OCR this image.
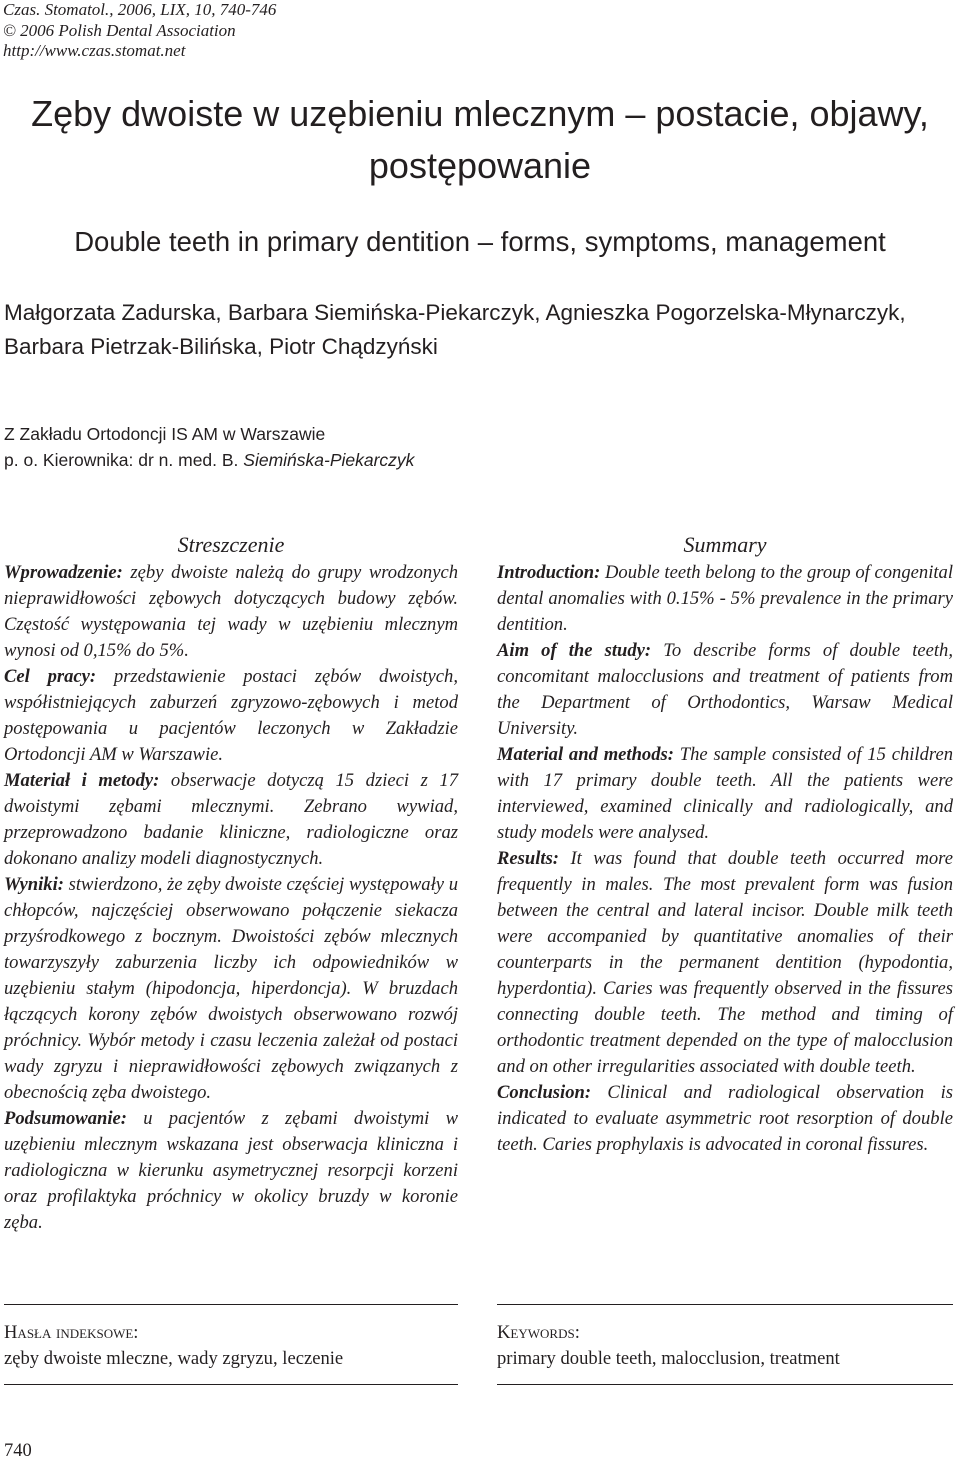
Czas. Stomatol., 2006, LIX, 10, 740-746
© 2006 Polish Dental Association
http://www.czas.stomat.net
Zęby dwoiste w uzębieniu mlecznym – postacie, objawy, postępowanie
Double teeth in primary dentition – forms, symptoms, management
Małgorzata Zadurska, Barbara Siemińska-Piekarczyk, Agnieszka Pogorzelska-Młynarczyk, Barbara Pietrzak-Bilińska, Piotr Chądzyński
Z Zakładu Ortodoncji IS AM w Warszawie
p. o. Kierownika: dr n. med. B. Siemińska-Piekarczyk
Streszczenie

Wprowadzenie: zęby dwoiste należą do grupy wrodzonych nieprawidłowości zębowych dotyczących budowy zębów. Częstość występowania tej wady w uzębieniu mlecznym wynosi od 0,15% do 5%.

Cel pracy: przedstawienie postaci zębów dwoistych, współistniejących zaburzeń zgryzowo-zębowych i metod postępowania u pacjentów leczonych w Zakładzie Ortodoncji AM w Warszawie.

Materiał i metody: obserwacje dotyczą 15 dzieci z 17 dwoistymi zębami mlecznymi. Zebrano wywiad, przeprowadzono badanie kliniczne, radiologiczne oraz dokonano analizy modeli diagnostycznych.

Wyniki: stwierdzono, że zęby dwoiste częściej występowały u chłopców, najczęściej obserwowano połączenie siekacza przyśrodkowego z bocznym. Dwoistości zębów mlecznych towarzyszyły zaburzenia liczby ich odpowiedników w uzębieniu stałym (hipodoncja, hiperdoncja). W bruzdach łączących korony zębów dwoistych obserwowano rozwój próchnicy. Wybór metody i czasu leczenia zależał od postaci wady zgryzu i nieprawidłowości zębowych związanych z obecnością zęba dwoistego.

Podsumowanie: u pacjentów z zębami dwoistymi w uzębieniu mlecznym wskazana jest obserwacja kliniczna i radiologiczna w kierunku asymetrycznej resorpcji korzeni oraz profilaktyka próchnicy w okolicy bruzdy w koronie zęba.

Summary

Introduction: Double teeth belong to the group of congenital dental anomalies with 0.15% - 5% prevalence in the primary dentition.

Aim of the study: To describe forms of double teeth, concomitant malocclusions and treatment of patients from the Department of Orthodontics, Warsaw Medical University.

Material and methods: The sample consisted of 15 children with 17 primary double teeth. All the patients were interviewed, examined clinically and radiologically, and study models were analysed.

Results: It was found that double teeth occurred more frequently in males. The most prevalent form was fusion between the central and lateral incisor. Double milk teeth were accompanied by quantitative anomalies of their counterparts in the permanent dentition (hypodontia, hyperdontia). Caries was frequently observed in the fissures connecting double teeth. The method and timing of orthodontic treatment depended on the type of malocclusion and on other irregularities associated with double teeth.

Conclusion: Clinical and radiological observation is indicated to evaluate asymmetric root resorption of double teeth. Caries prophylaxis is advocated in coronal fissures.

Hasła indeksowe:
zęby dwoiste mleczne, wady zgryzu, leczenie
Keywords:
primary double teeth, malocclusion, treatment
740
